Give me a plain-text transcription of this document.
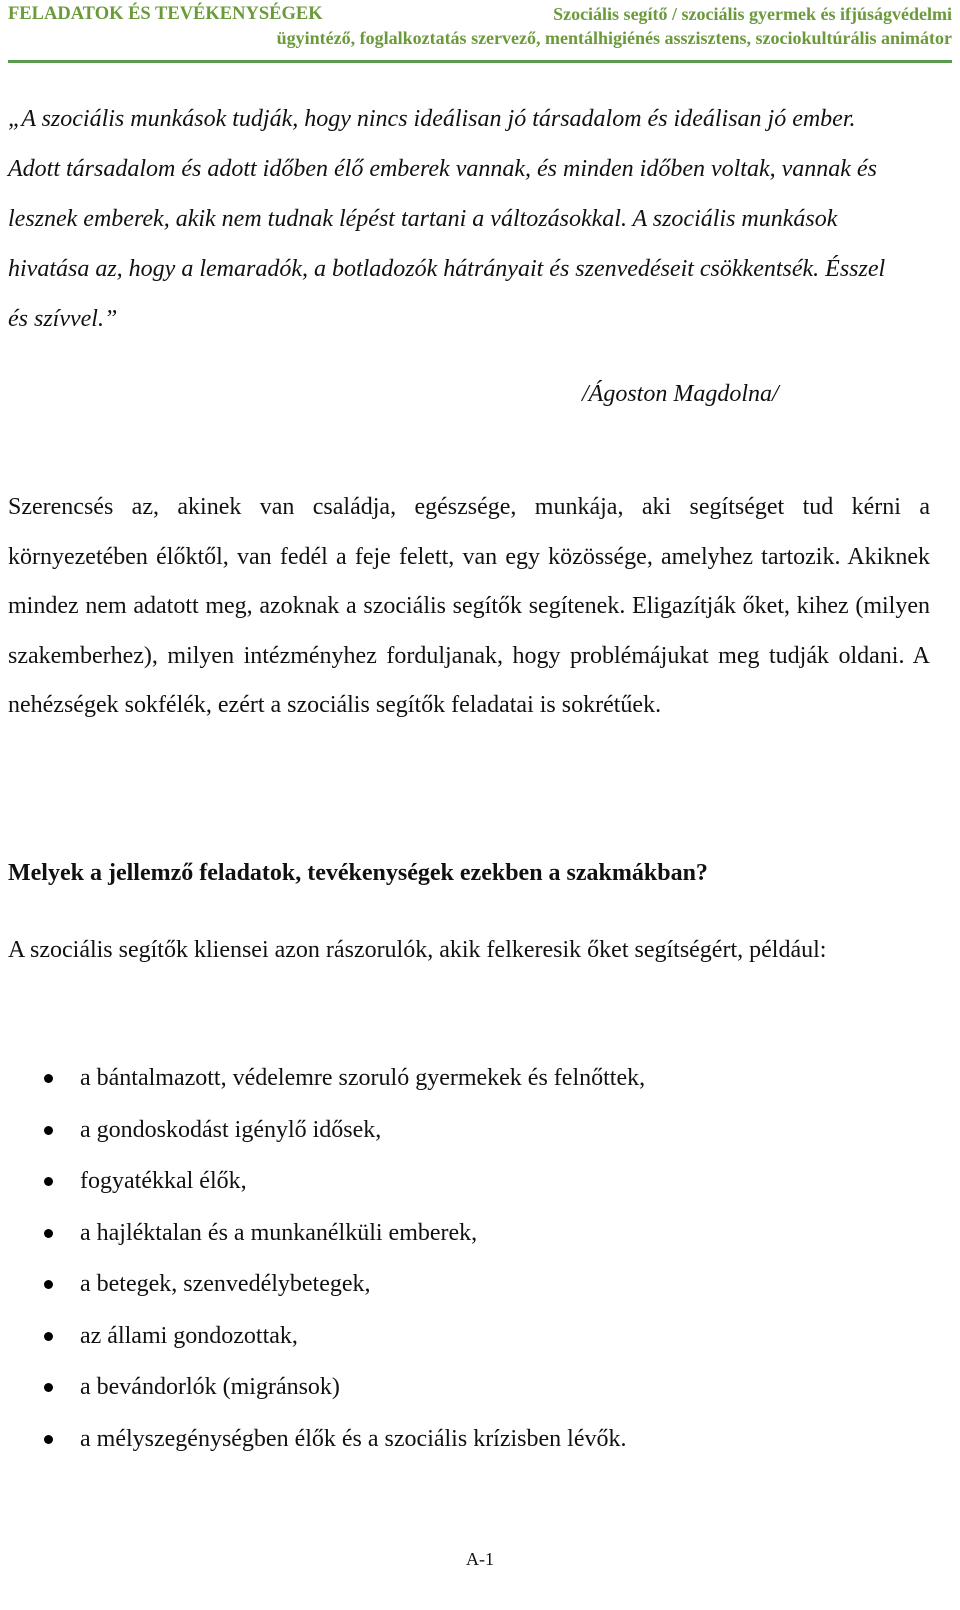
FELADATOK ÉS TEVÉKENYSÉGEK	Szociális segítő / szociális gyermek és ifjúságvédelmi
ügyintéző, foglalkoztatás szervező, mentálhigiénés asszisztens, szociokultúrális animátor
„A szociális munkások tudják, hogy nincs ideálisan jó társadalom és ideálisan jó ember. Adott társadalom és adott időben élő emberek vannak, és minden időben voltak, vannak és lesznek emberek, akik nem tudnak lépést tartani a változásokkal. A szociális munkások hivatása az, hogy a lemaradók, a botladozók hátrányait és szenvedéseit csökkentsék. Ésszel és szívvel.”
/Ágoston Magdolna/
Szerencsés az, akinek van családja, egészsége, munkája, aki segítséget tud kérni a környezetében élőktől, van fedél a feje felett, van egy közössége, amelyhez tartozik. Akiknek mindez nem adatott meg, azoknak a szociális segítők segítenek. Eligazítják őket, kihez (milyen szakemberhez), milyen intézményhez forduljanak, hogy problémájukat meg tudják oldani. A nehézségek sokfélék, ezért a szociális segítők feladatai is sokrétűek.
Melyek a jellemző feladatok, tevékenységek ezekben a szakmákban?
A szociális segítők kliensei azon rászorulók, akik felkeresik őket segítségért, például:
a bántalmazott, védelemre szoruló gyermekek és felnőttek,
a gondoskodást igénylő idősek,
fogyatékkal élők,
a hajléktalan és a munkanélküli emberek,
a betegek, szenvedélybetegek,
az állami gondozottak,
a bevándorlók (migránsok)
a mélyszegénységben élők és a szociális krízisben lévők.
A-1
